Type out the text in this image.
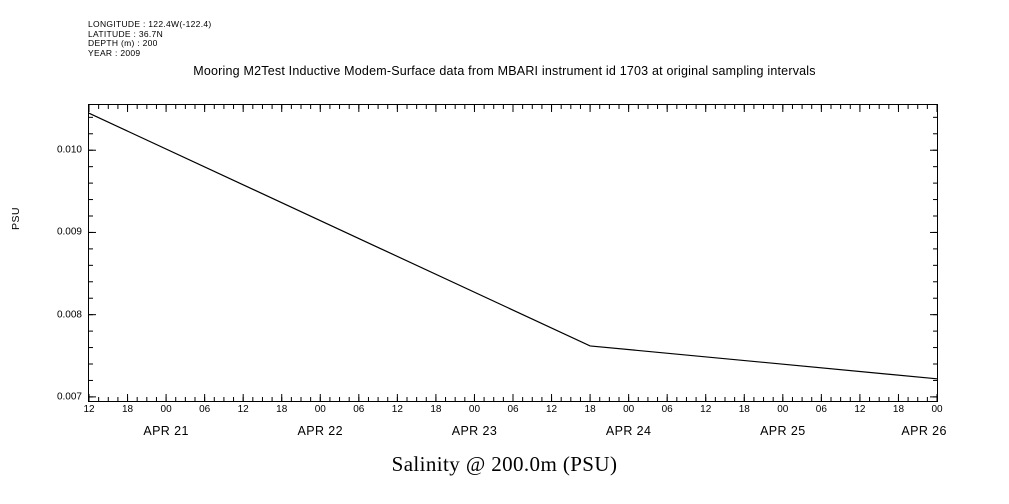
LONGITUDE : 122.4W(-122.4)
LATITUDE : 36.7N
DEPTH (m) : 200
YEAR : 2009
Mooring M2Test Inductive Modem-Surface data from MBARI instrument id 1703 at original sampling intervals
PSU
0.007
0.008
0.009
0.010
12	18	00	06	12	18	00	06	12	18	00	06	12	18	00	06	12	18	00	06	12	18	00
APR 21	APR 22	APR 23	APR 24	APR 25	APR 26
Salinity @ 200.0m (PSU)
